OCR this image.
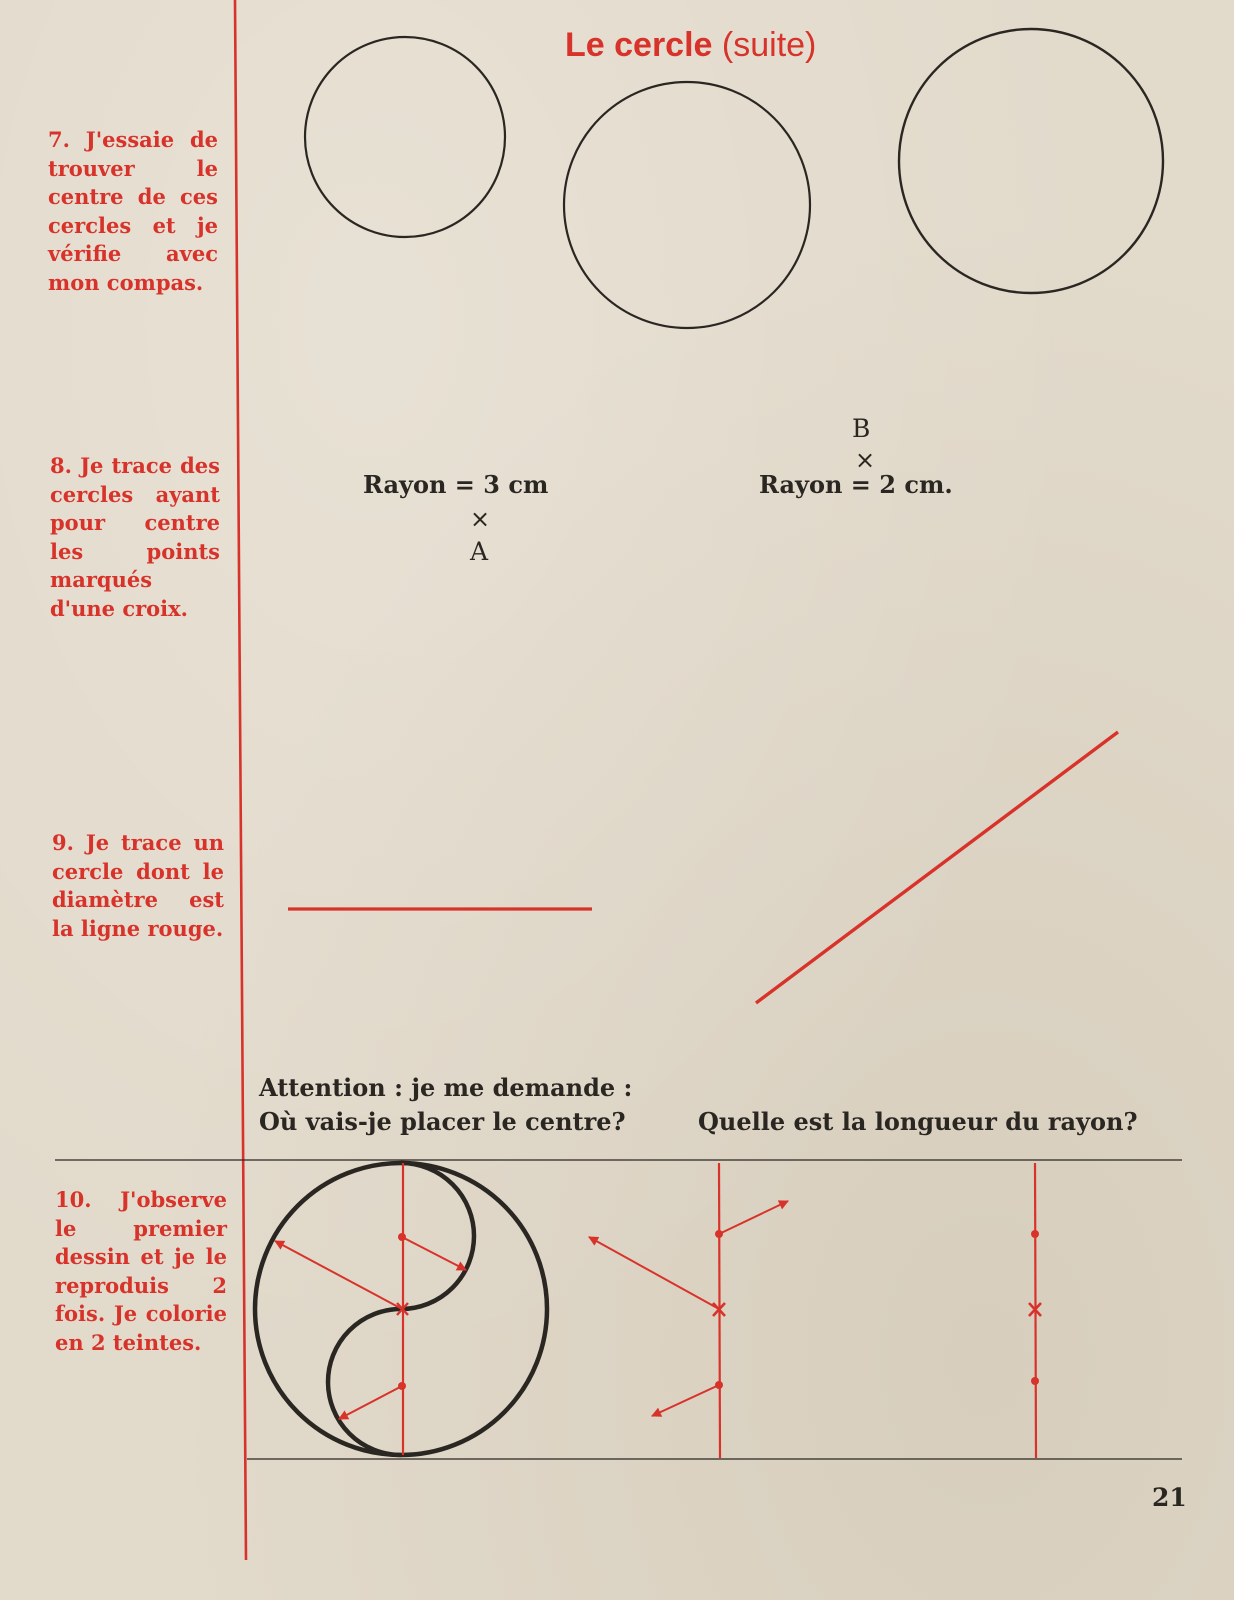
Le cercle (suite)

7. J'essaie de trouver le centre de ces cercles et je vérifie avec mon compas.

8. Je trace des cercles ayant pour centre les points marqués d'une croix.

9. Je trace un cercle dont le diamètre est la ligne rouge.

10. J'observe le premier dessin et je le reproduis 2 fois. Je colorie en 2 teintes.

Rayon = 3 cm
×
A
B
×
Rayon = 2 cm.
Attention : je me demande :
Où vais-je placer le centre?	Quelle est la longueur du rayon?
21
